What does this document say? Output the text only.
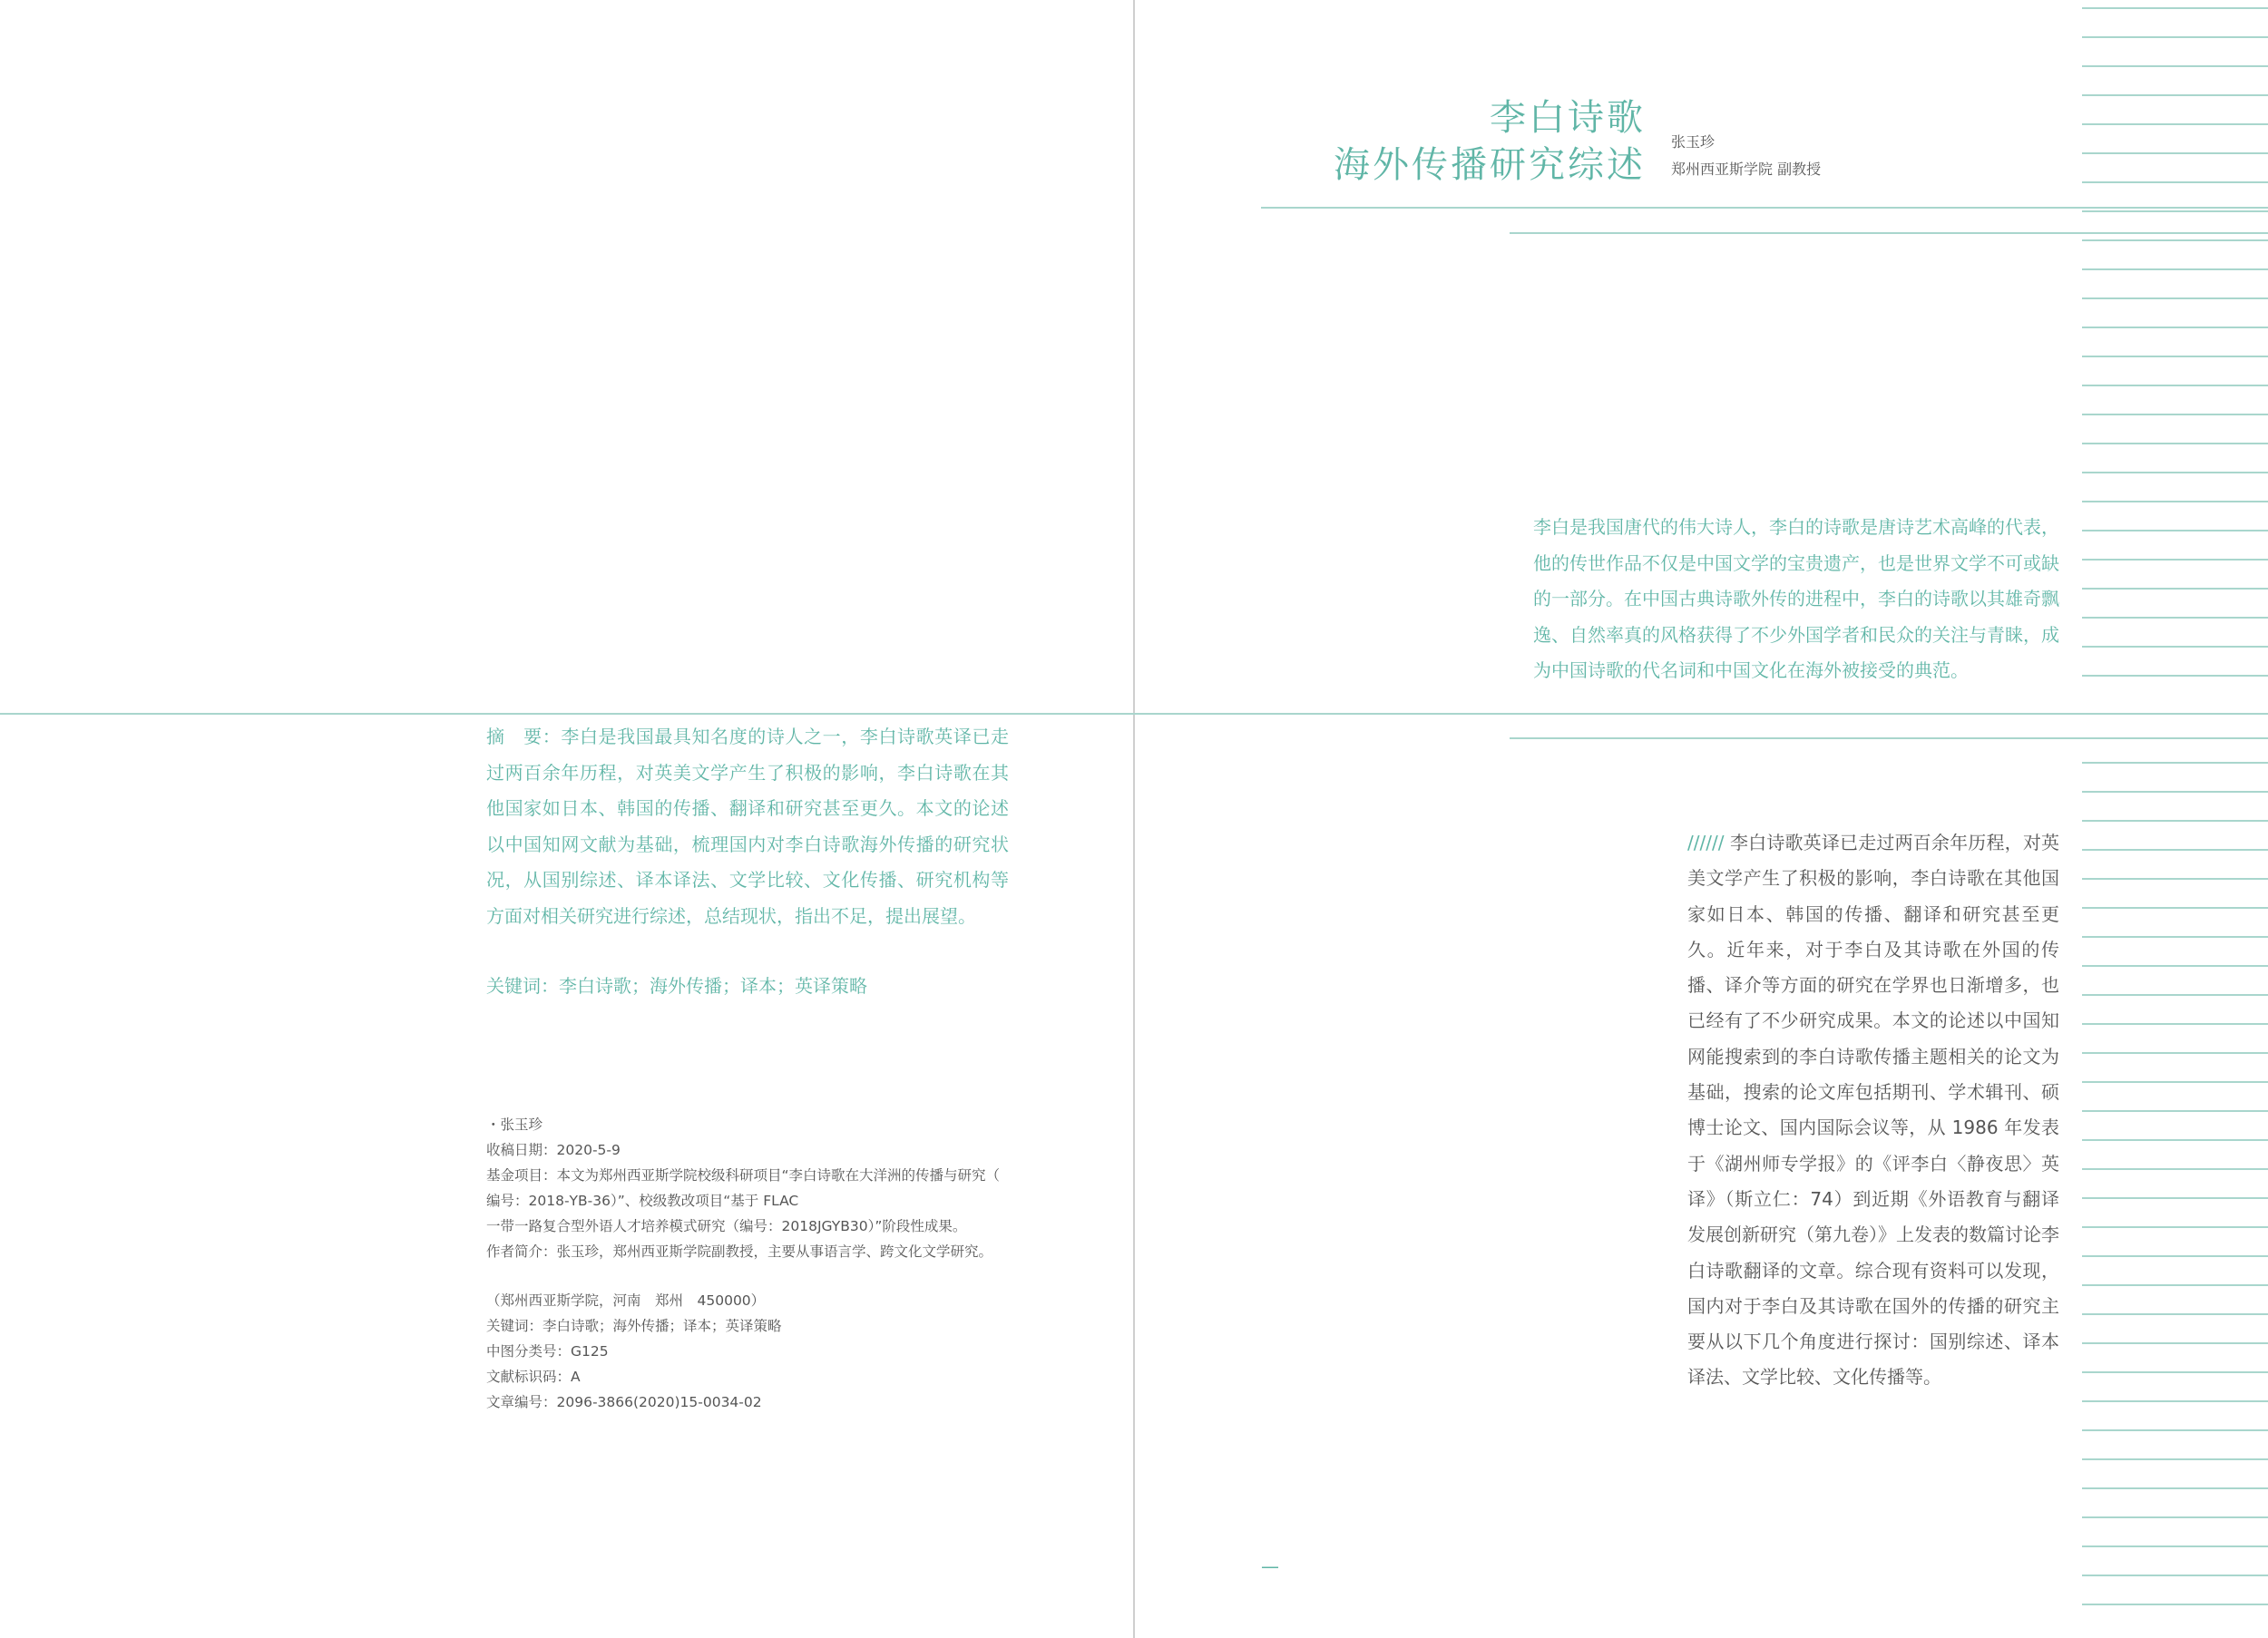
李白诗歌
海外传播研究综述
张玉珍
郑州西亚斯学院 副教授
李白是我国唐代的伟大诗人，李白的诗歌是唐诗艺术高峰的代表，他的传世作品不仅是中国文学的宝贵遗产，也是世界文学不可或缺的一部分。在中国古典诗歌外传的进程中，李白的诗歌以其雄奇飘逸、自然率真的风格获得了不少外国学者和民众的关注与青睐，成为中国诗歌的代名词和中国文化在海外被接受的典范。
摘　要：李白是我国最具知名度的诗人之一，李白诗歌英译已走过两百余年历程，对英美文学产生了积极的影响，李白诗歌在其他国家如日本、韩国的传播、翻译和研究甚至更久。本文的论述以中国知网文献为基础，梳理国内对李白诗歌海外传播的研究状况，从国别综述、译本译法、文学比较、文化传播、研究机构等方面对相关研究进行综述，总结现状，指出不足，提出展望。
关键词：李白诗歌；海外传播；译本；英译策略
・张玉珍
收稿日期：2020-5-9
基金项目：本文为郑州西亚斯学院校级科研项目“李白诗歌在大洋洲的传播与研究（
编号：2018-YB-36）”、校级教改项目“基于 FLAC
一带一路复合型外语人才培养模式研究（编号：2018JGYB30）”阶段性成果。
作者简介：张玉珍，郑州西亚斯学院副教授，主要从事语言学、跨文化文学研究。
（郑州西亚斯学院，河南　郑州　450000）
关键词：李白诗歌；海外传播；译本；英译策略
中图分类号：G125
文献标识码：A
文章编号：2096-3866(2020)15-0034-02
////// 李白诗歌英译已走过两百余年历程，对英美文学产生了积极的影响，李白诗歌在其他国家如日本、韩国的传播、翻译和研究甚至更久。近年来，对于李白及其诗歌在外国的传播、译介等方面的研究在学界也日渐增多，也已经有了不少研究成果。本文的论述以中国知网能搜索到的李白诗歌传播主题相关的论文为基础，搜索的论文库包括期刊、学术辑刊、硕博士论文、国内国际会议等，从 1986 年发表于《湖州师专学报》的《评李白〈静夜思〉英译》（斯立仁：74）到近期《外语教育与翻译发展创新研究（第九卷）》上发表的数篇讨论李白诗歌翻译的文章。综合现有资料可以发现，国内对于李白及其诗歌在国外的传播的研究主要从以下几个角度进行探讨：国别综述、译本译法、文学比较、文化传播等。
—
